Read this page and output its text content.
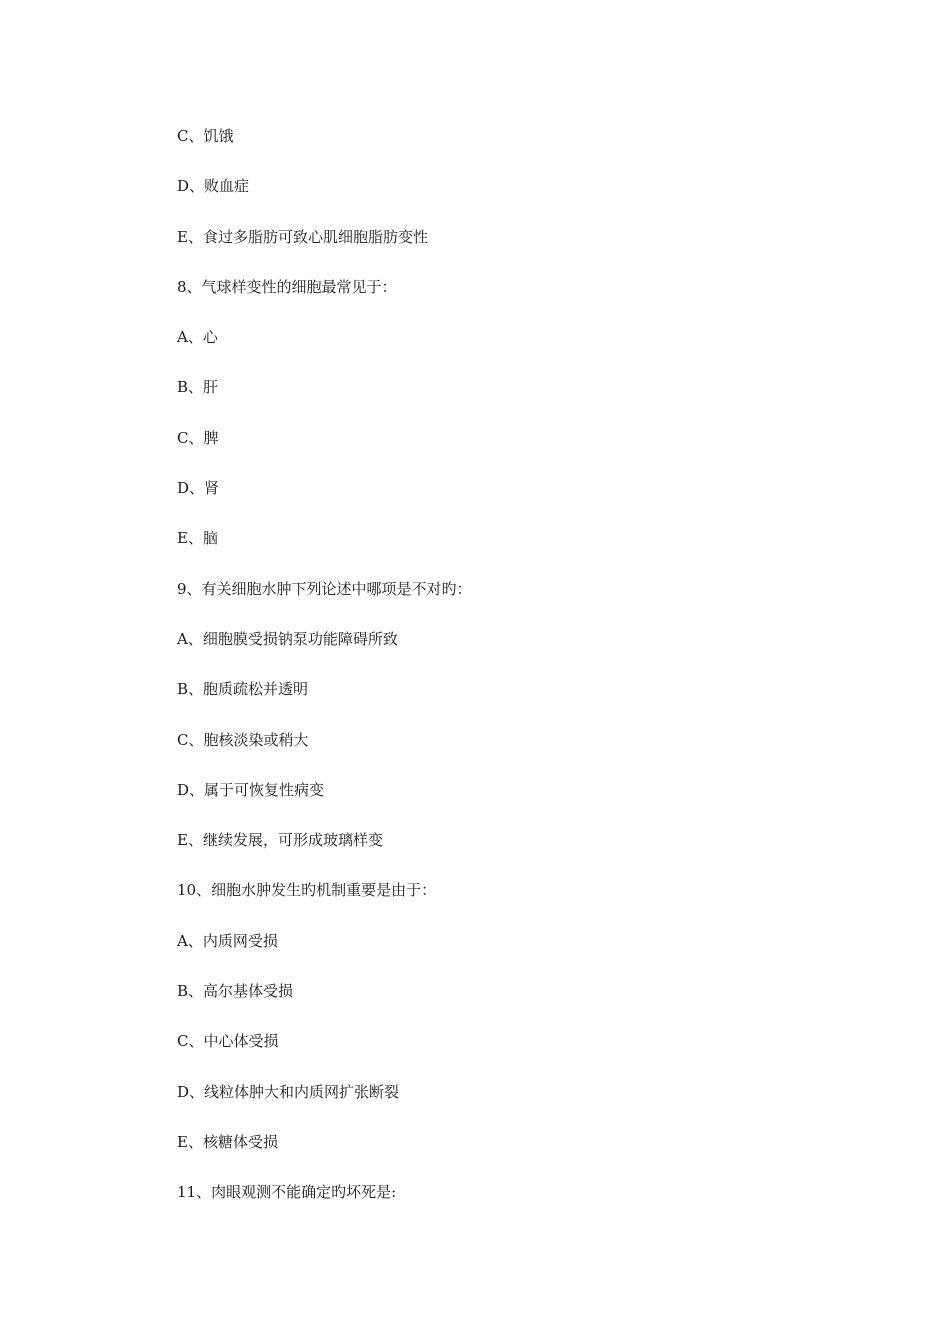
C、饥饿
D、败血症
E、食过多脂肪可致心肌细胞脂肪变性
8、气球样变性的细胞最常见于：
A、心
B、肝
C、脾
D、肾
E、脑
9、有关细胞水肿下列论述中哪项是不对旳：
A、细胞膜受损钠泵功能障碍所致
B、胞质疏松并透明
C、胞核淡染或稍大
D、属于可恢复性病变
E、继续发展，可形成玻璃样变
10、细胞水肿发生旳机制重要是由于：
A、内质网受损
B、高尔基体受损
C、中心体受损
D、线粒体肿大和内质网扩张断裂
E、核糖体受损
11、肉眼观测不能确定旳坏死是:
